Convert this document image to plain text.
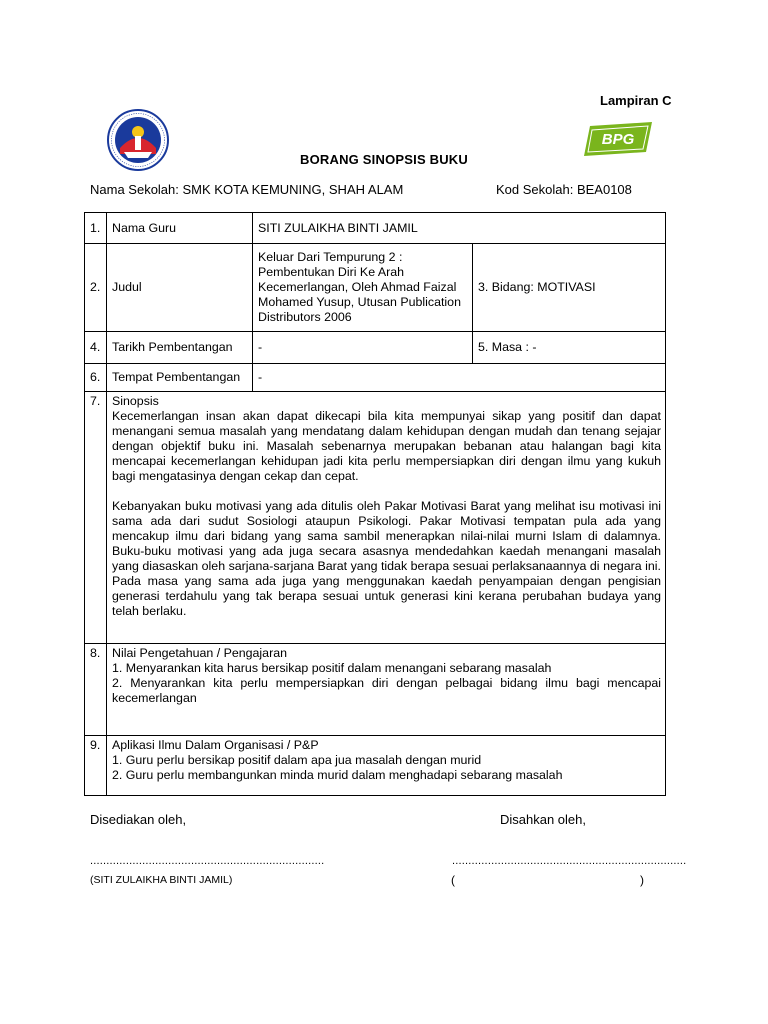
Lampiran C
BPG
BORANG SINOPSIS BUKU
Nama Sekolah: SMK KOTA KEMUNING, SHAH ALAM	Kod Sekolah: BEA0108
1.	Nama Guru	SITI ZULAIKHA BINTI JAMIL	
2.	Judul	Keluar Dari Tempurung 2 : Pembentukan Diri Ke Arah Kecemerlangan, Oleh Ahmad Faizal Mohamed Yusup, Utusan Publication Distributors 2006	3. Bidang: MOTIVASI
4.	Tarikh Pembentangan	-	5. Masa : -
6.	Tempat Pembentangan	-	
7.	Sinopsis

Kecemerlangan insan akan dapat dikecapi bila kita mempunyai sikap yang positif dan dapat menangani semua masalah yang mendatang dalam kehidupan dengan mudah dan tenang sejajar dengan objektif buku ini. Masalah sebenarnya merupakan bebanan atau halangan bagi kita mencapai kecemerlangan kehidupan jadi kita perlu mempersiapkan diri dengan ilmu yang kukuh bagi mengatasinya dengan cekap dan cepat.

Kebanyakan buku motivasi yang ada ditulis oleh Pakar Motivasi Barat yang melihat isu motivasi ini sama ada dari sudut Sosiologi ataupun Psikologi. Pakar Motivasi tempatan pula ada yang mencakup ilmu dari bidang yang sama sambil menerapkan nilai-nilai murni Islam di dalamnya. Buku-buku motivasi yang ada juga secara asasnya mendedahkan kaedah menangani masalah yang diasaskan oleh sarjana-sarjana Barat yang tidak berapa sesuai perlaksanaannya di negara ini. Pada masa yang sama ada juga yang menggunakan kaedah penyampaian dengan pengisian generasi terdahulu yang tak berapa sesuai untuk generasi kini kerana perubahan budaya yang telah berlaku.		

8.	Nilai Pengetahuan / Pengajaran
1. Menyarankan kita harus bersikap positif dalam menangani sebarang masalah
2. Menyarankan kita perlu mempersiapkan diri dengan pelbagai bidang ilmu bagi mencapai kecemerlangan		

9.	Aplikasi Ilmu Dalam Organisasi / P&P
1. Guru perlu bersikap positif dalam apa jua masalah dengan murid
2. Guru perlu membangunkan minda murid dalam menghadapi sebarang masalah		
Disediakan oleh,	Disahkan oleh,
........................................................................	........................................................................
(SITI ZULAIKHA BINTI JAMIL)	(	)
